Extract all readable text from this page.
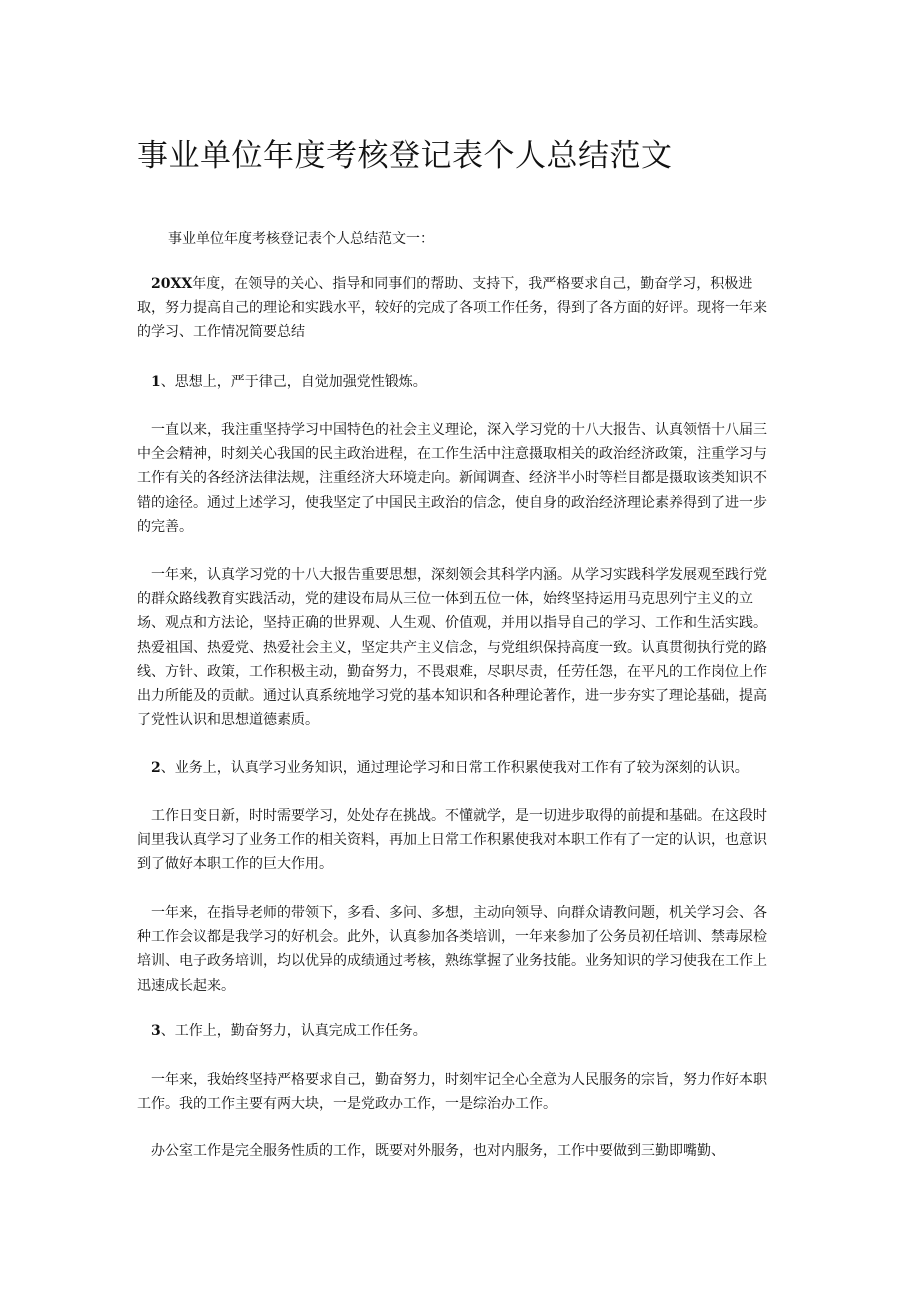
事业单位年度考核登记表个人总结范文

事业单位年度考核登记表个人总结范文一：

20XX年度，在领导的关心、指导和同事们的帮助、支持下，我严格要求自己，勤奋学习，积极进取，努力提高自己的理论和实践水平，较好的完成了各项工作任务，得到了各方面的好评。现将一年来的学习、工作情况简要总结

1、思想上，严于律己，自觉加强党性锻炼。

一直以来，我注重坚持学习中国特色的社会主义理论，深入学习党的十八大报告、认真领悟十八届三中全会精神，时刻关心我国的民主政治进程，在工作生活中注意摄取相关的政治经济政策，注重学习与工作有关的各经济法律法规，注重经济大环境走向。新闻调查、经济半小时等栏目都是摄取该类知识不错的途径。通过上述学习，使我坚定了中国民主政治的信念，使自身的政治经济理论素养得到了进一步的完善。

一年来，认真学习党的十八大报告重要思想，深刻领会其科学内涵。从学习实践科学发展观至践行党的群众路线教育实践活动，党的建设布局从三位一体到五位一体，始终坚持运用马克思列宁主义的立场、观点和方法论，坚持正确的世界观、人生观、价值观，并用以指导自己的学习、工作和生活实践。热爱祖国、热爱党、热爱社会主义，坚定共产主义信念，与党组织保持高度一致。认真贯彻执行党的路线、方针、政策，工作积极主动，勤奋努力，不畏艰难，尽职尽责，任劳任怨，在平凡的工作岗位上作出力所能及的贡献。通过认真系统地学习党的基本知识和各种理论著作，进一步夯实了理论基础，提高了党性认识和思想道德素质。

2、业务上，认真学习业务知识，通过理论学习和日常工作积累使我对工作有了较为深刻的认识。

工作日变日新，时时需要学习，处处存在挑战。不懂就学，是一切进步取得的前提和基础。在这段时间里我认真学习了业务工作的相关资料，再加上日常工作积累使我对本职工作有了一定的认识，也意识到了做好本职工作的巨大作用。

一年来，在指导老师的带领下，多看、多问、多想，主动向领导、向群众请教问题，机关学习会、各种工作会议都是我学习的好机会。此外，认真参加各类培训，一年来参加了公务员初任培训、禁毒尿检培训、电子政务培训，均以优异的成绩通过考核，熟练掌握了业务技能。业务知识的学习使我在工作上迅速成长起来。

3、工作上，勤奋努力，认真完成工作任务。

一年来，我始终坚持严格要求自己，勤奋努力，时刻牢记全心全意为人民服务的宗旨，努力作好本职工作。我的工作主要有两大块，一是党政办工作，一是综治办工作。

办公室工作是完全服务性质的工作，既要对外服务，也对内服务，工作中要做到三勤即嘴勤、
